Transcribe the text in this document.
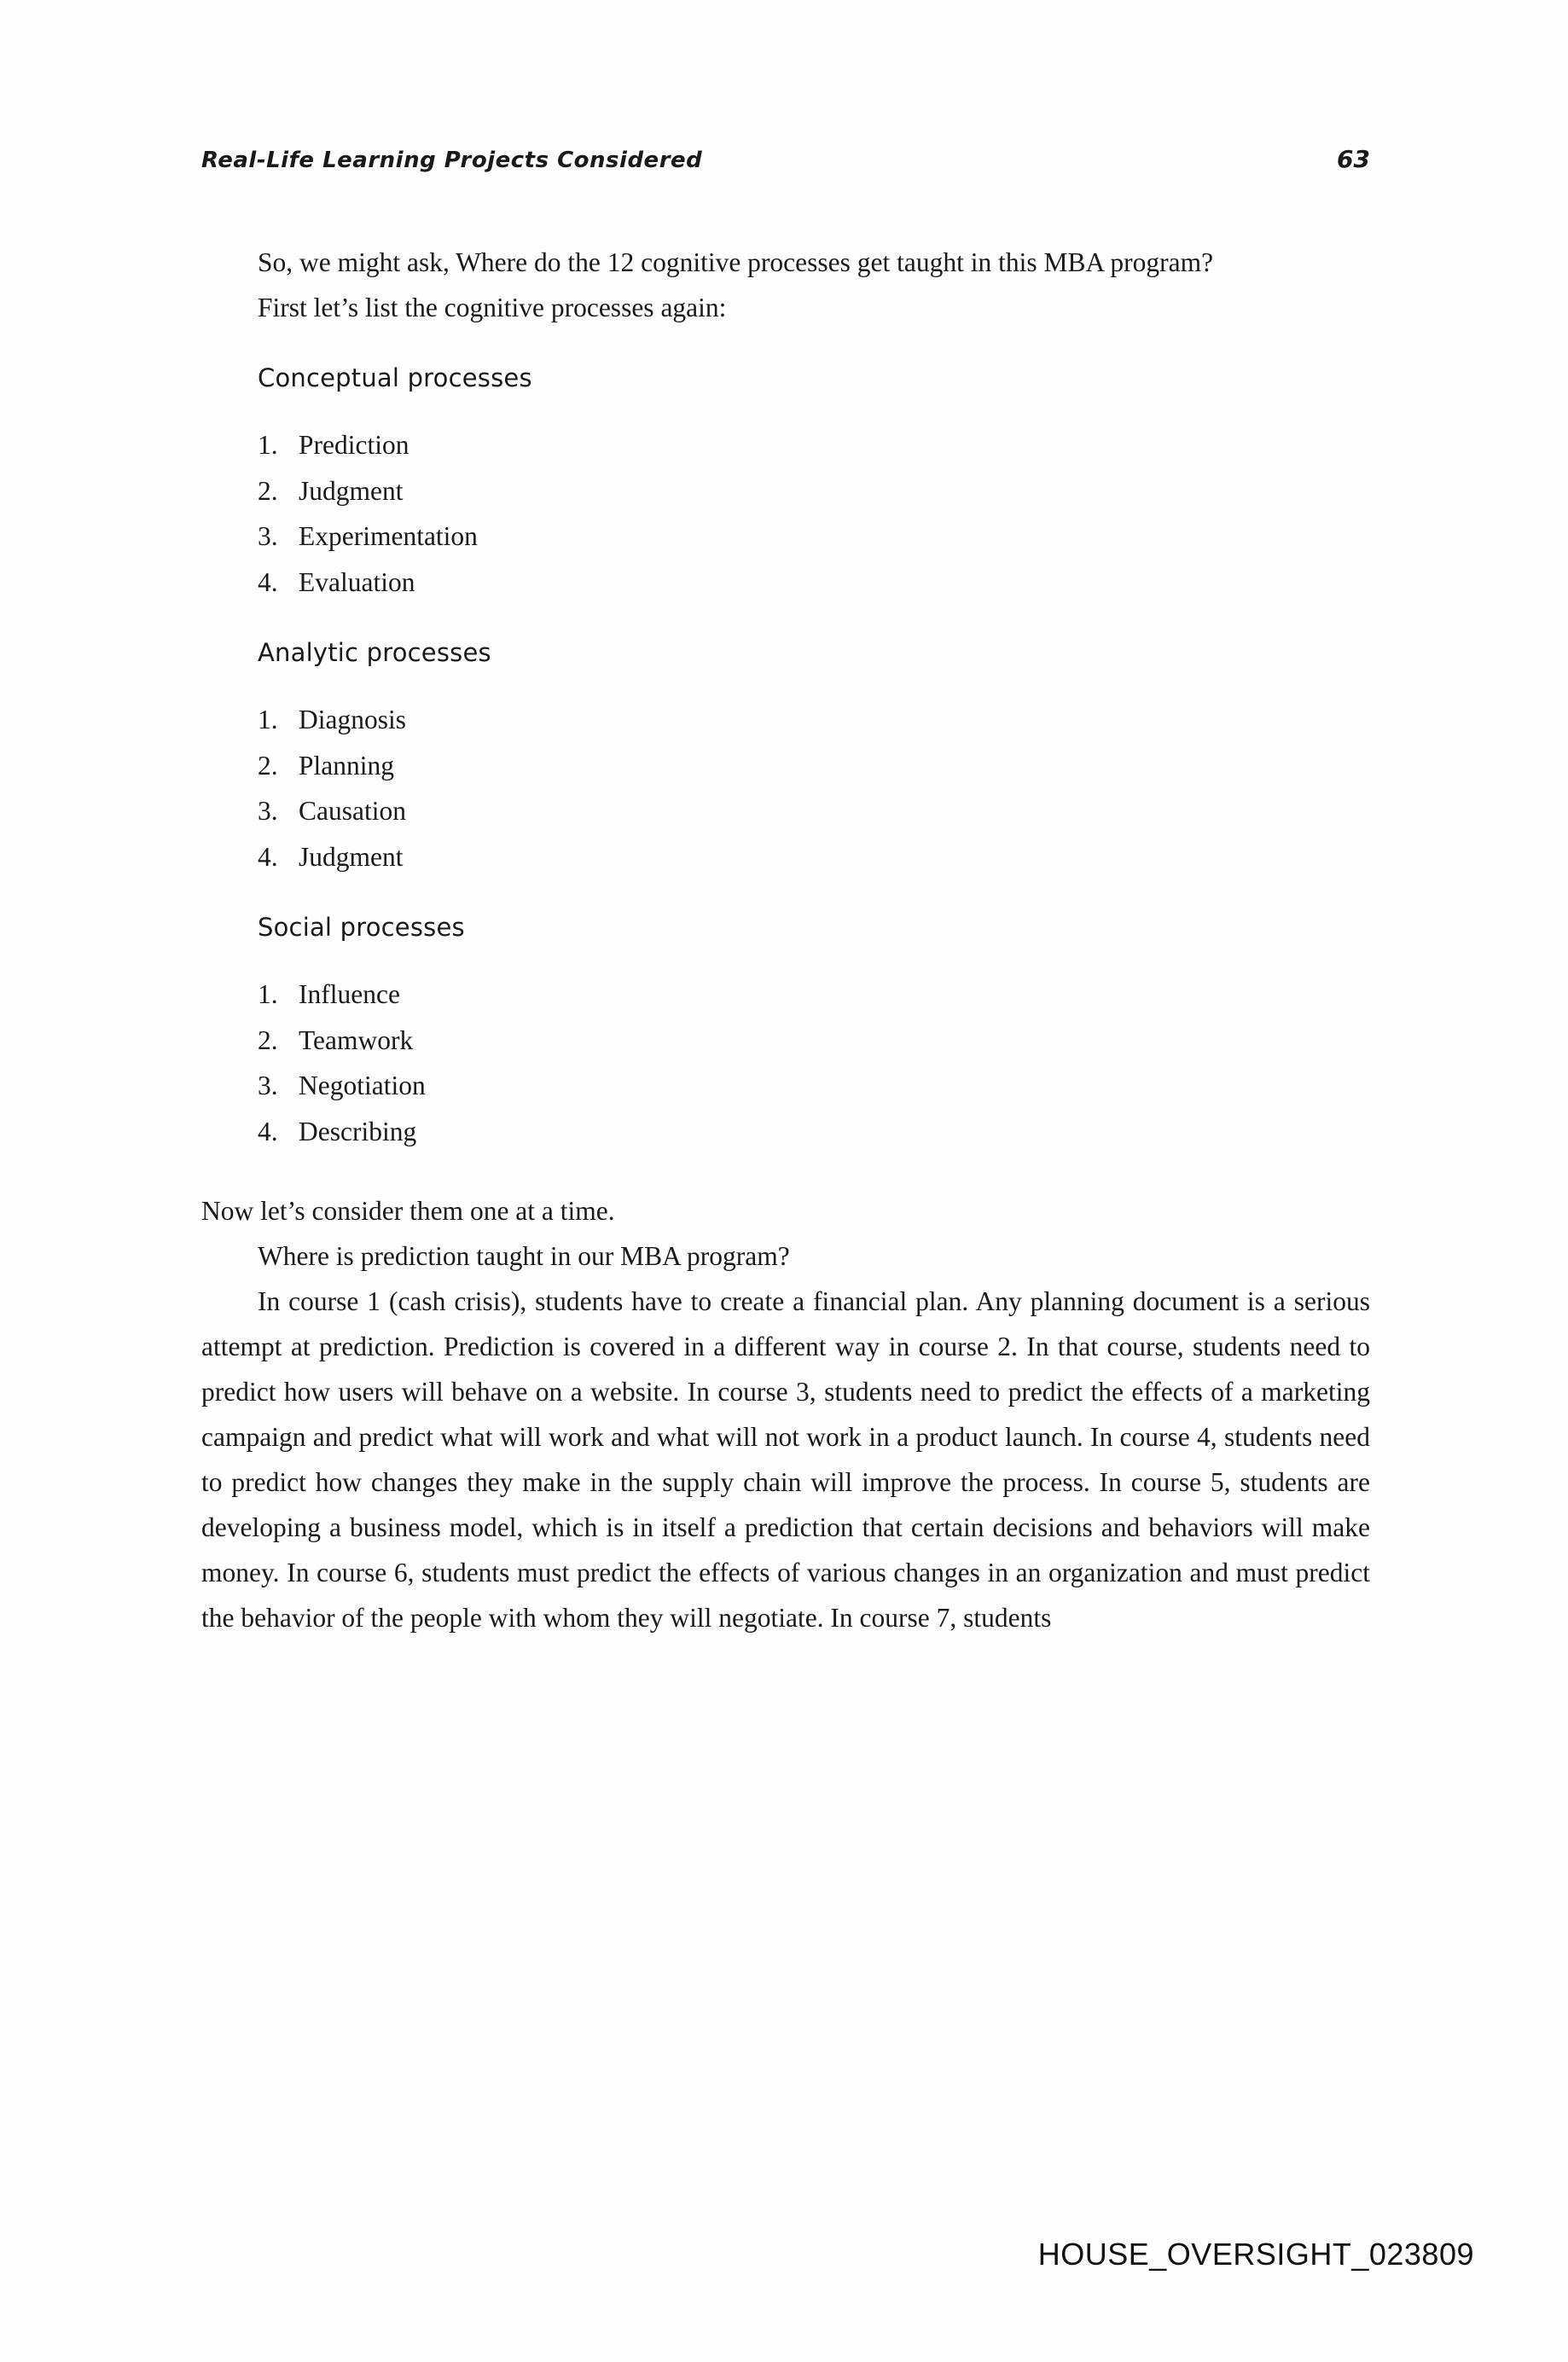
Real-Life Learning Projects Considered	63

So, we might ask, Where do the 12 cognitive processes get taught in this MBA program?

First let’s list the cognitive processes again:

Conceptual processes
1. Prediction
2. Judgment
3. Experimentation
4. Evaluation
Analytic processes
1. Diagnosis
2. Planning
3. Causation
4. Judgment
Social processes
1. Influence
2. Teamwork
3. Negotiation
4. Describing

Now let’s consider them one at a time.

Where is prediction taught in our MBA program?

In course 1 (cash crisis), students have to create a financial plan. Any planning document is a serious attempt at prediction. Prediction is covered in a different way in course 2. In that course, students need to predict how users will behave on a website. In course 3, students need to predict the effects of a marketing campaign and predict what will work and what will not work in a product launch. In course 4, students need to predict how changes they make in the supply chain will improve the process. In course 5, students are developing a business model, which is in itself a prediction that certain decisions and behaviors will make money. In course 6, students must predict the effects of various changes in an organization and must predict the behavior of the people with whom they will negotiate. In course 7, students

HOUSE_OVERSIGHT_023809
